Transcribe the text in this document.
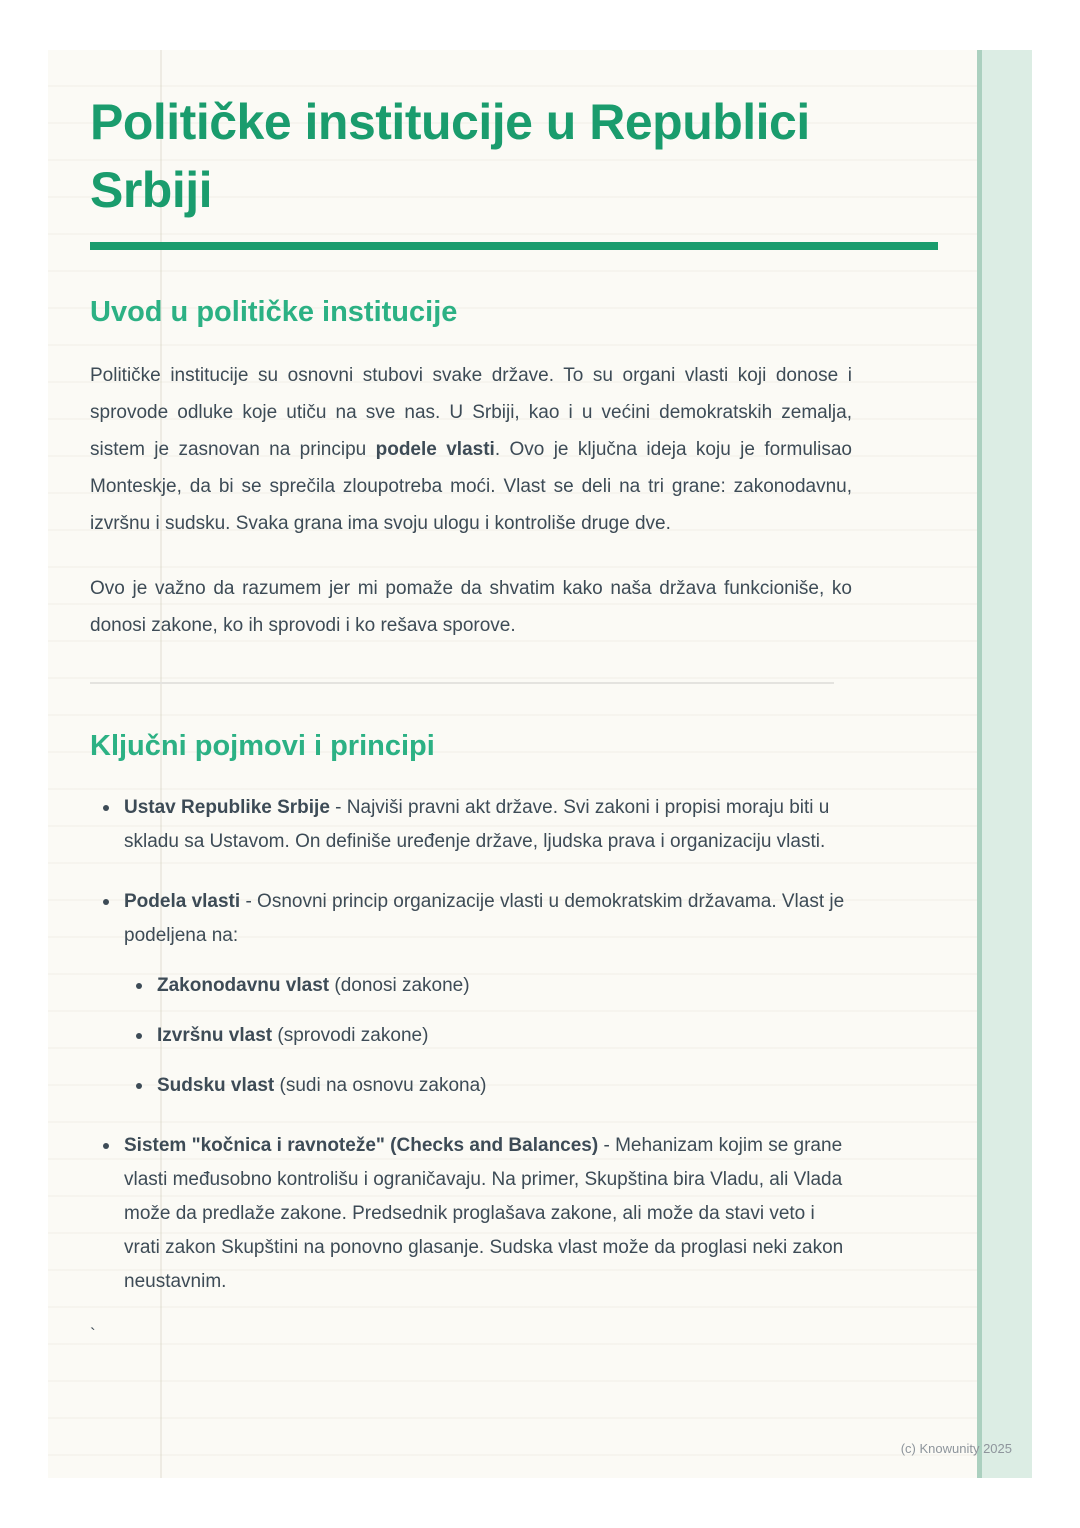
Političke institucije u Republici Srbiji
Uvod u političke institucije

Političke institucije su osnovni stubovi svake države. To su organi vlasti koji donose i sprovode odluke koje utiču na sve nas. U Srbiji, kao i u većini demokratskih zemalja, sistem je zasnovan na principu podele vlasti. Ovo je ključna ideja koju je formulisao Monteskje, da bi se sprečila zloupotreba moći. Vlast se deli na tri grane: zakonodavnu, izvršnu i sudsku. Svaka grana ima svoju ulogu i kontroliše druge dve.

Ovo je važno da razumem jer mi pomaže da shvatim kako naša država funkcioniše, ko donosi zakone, ko ih sprovodi i ko rešava sporove.

Ključni pojmovi i principi
Ustav Republike Srbije - Najviši pravni akt države. Svi zakoni i propisi moraju biti u skladu sa Ustavom. On definiše uređenje države, ljudska prava i organizaciju vlasti.
Podela vlasti - Osnovni princip organizacije vlasti u demokratskim državama. Vlast je podeljena na:
Zakonodavnu vlast (donosi zakone)
Izvršnu vlast (sprovodi zakone)
Sudsku vlast (sudi na osnovu zakona)
Sistem "kočnica i ravnoteže" (Checks and Balances) - Mehanizam kojim se grane vlasti međusobno kontrolišu i ograničavaju. Na primer, Skupština bira Vladu, ali Vlada može da predlaže zakone. Predsednik proglašava zakone, ali može da stavi veto i vrati zakon Skupštini na ponovno glasanje. Sudska vlast može da proglasi neki zakon neustavnim.
`
(c) Knowunity 2025
